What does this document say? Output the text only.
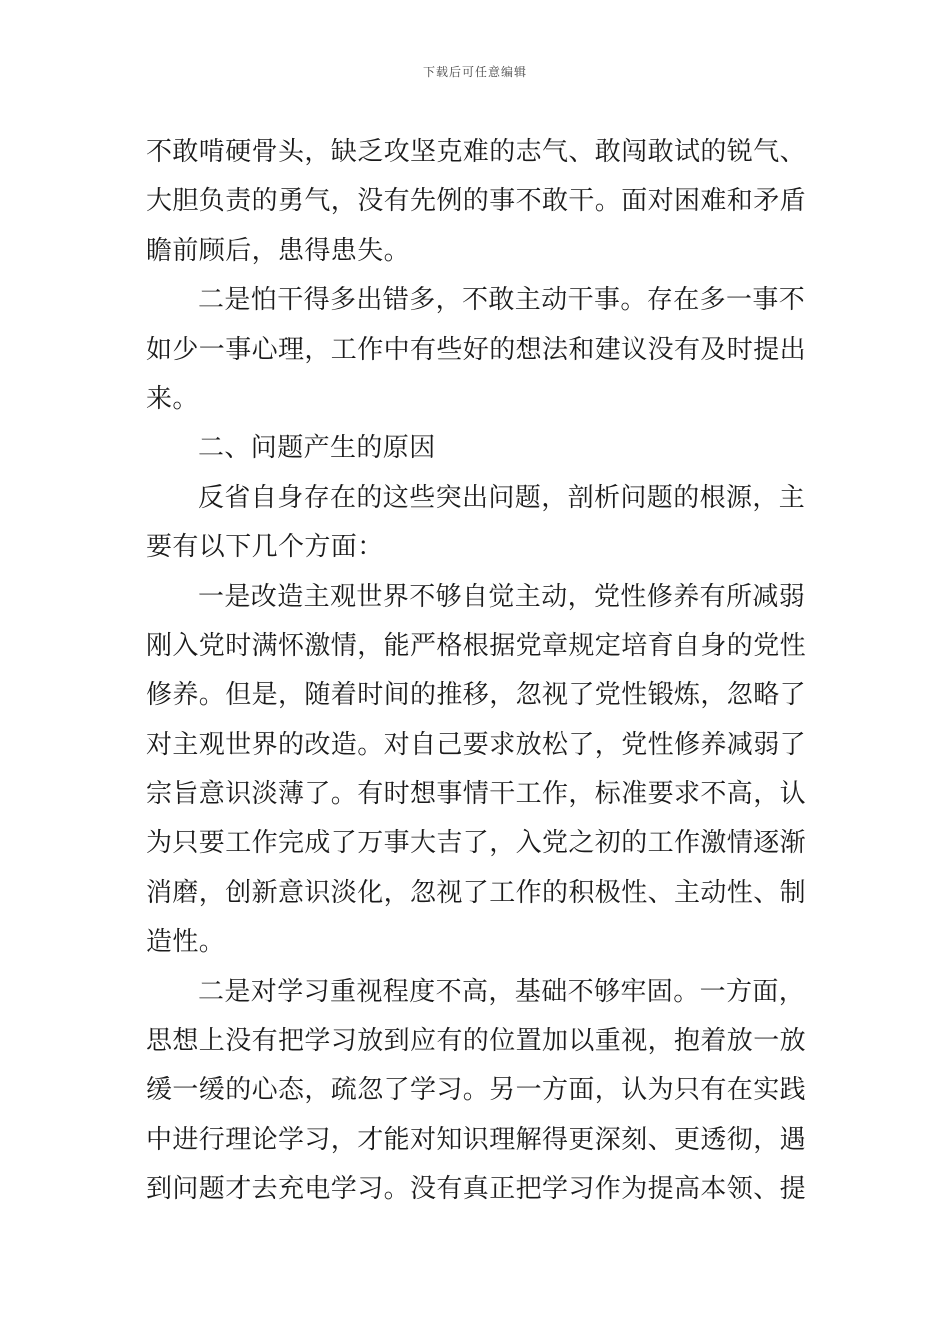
下载后可任意编辑
不敢啃硬骨头，缺乏攻坚克难的志气、敢闯敢试的锐气、
大胆负责的勇气，没有先例的事不敢干。面对困难和矛盾
瞻前顾后，患得患失。
二是怕干得多出错多，不敢主动干事。存在多一事不
如少一事心理，工作中有些好的想法和建议没有及时提出
来。
二、问题产生的原因
反省自身存在的这些突出问题，剖析问题的根源，主
要有以下几个方面：
一是改造主观世界不够自觉主动，党性修养有所减弱
刚入党时满怀激情，能严格根据党章规定培育自身的党性
修养。但是，随着时间的推移，忽视了党性锻炼，忽略了
对主观世界的改造。对自己要求放松了，党性修养减弱了
宗旨意识淡薄了。有时想事情干工作，标准要求不高，认
为只要工作完成了万事大吉了，入党之初的工作激情逐渐
消磨，创新意识淡化，忽视了工作的积极性、主动性、制
造性。
二是对学习重视程度不高，基础不够牢固。一方面，
思想上没有把学习放到应有的位置加以重视，抱着放一放
缓一缓的心态，疏忽了学习。另一方面，认为只有在实践
中进行理论学习，才能对知识理解得更深刻、更透彻，遇
到问题才去充电学习。没有真正把学习作为提高本领、提
